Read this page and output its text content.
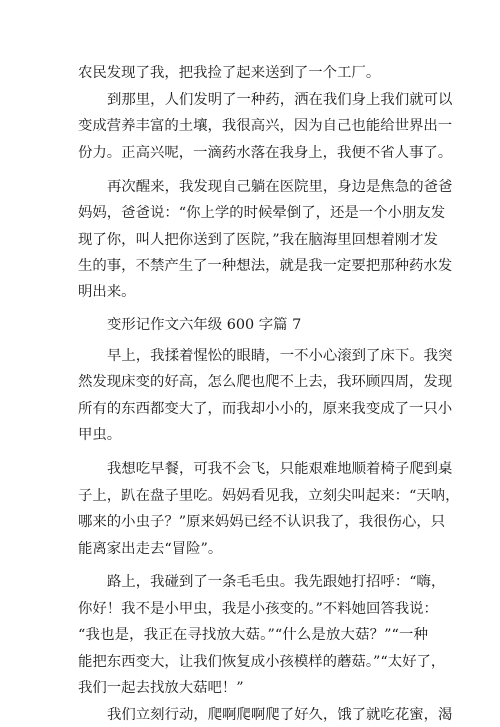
农民发现了我，把我捡了起来送到了一个工厂。
到那里，人们发明了一种药，洒在我们身上我们就可以
变成营养丰富的土壤，我很高兴，因为自己也能给世界出一
份力。正高兴呢，一滴药水落在我身上，我便不省人事了。
再次醒来，我发现自己躺在医院里，身边是焦急的爸爸
妈妈，爸爸说：“你上学的时候晕倒了，还是一个小朋友发
现了你，叫人把你送到了医院，”我在脑海里回想着刚才发
生的事，不禁产生了一种想法，就是我一定要把那种药水发
明出来。
变形记作文六年级 600 字篇 7
早上，我揉着惺忪的眼睛，一不小心滚到了床下。我突
然发现床变的好高，怎么爬也爬不上去，我环顾四周，发现
所有的东西都变大了，而我却小小的，原来我变成了一只小
甲虫。
我想吃早餐，可我不会飞，只能艰难地顺着椅子爬到桌
子上，趴在盘子里吃。妈妈看见我，立刻尖叫起来：“天呐，
哪来的小虫子？”原来妈妈已经不认识我了，我很伤心，只
能离家出走去“冒险”。
路上，我碰到了一条毛毛虫。我先跟她打招呼：“嗨，
你好！我不是小甲虫，我是小孩变的。”不料她回答我说：
“我也是，我正在寻找放大菇。”“什么是放大菇？”“一种
能把东西变大，让我们恢复成小孩模样的蘑菇。”“太好了，
我们一起去找放大菇吧！”
我们立刻行动，爬啊爬啊爬了好久，饿了就吃花蜜，渴
